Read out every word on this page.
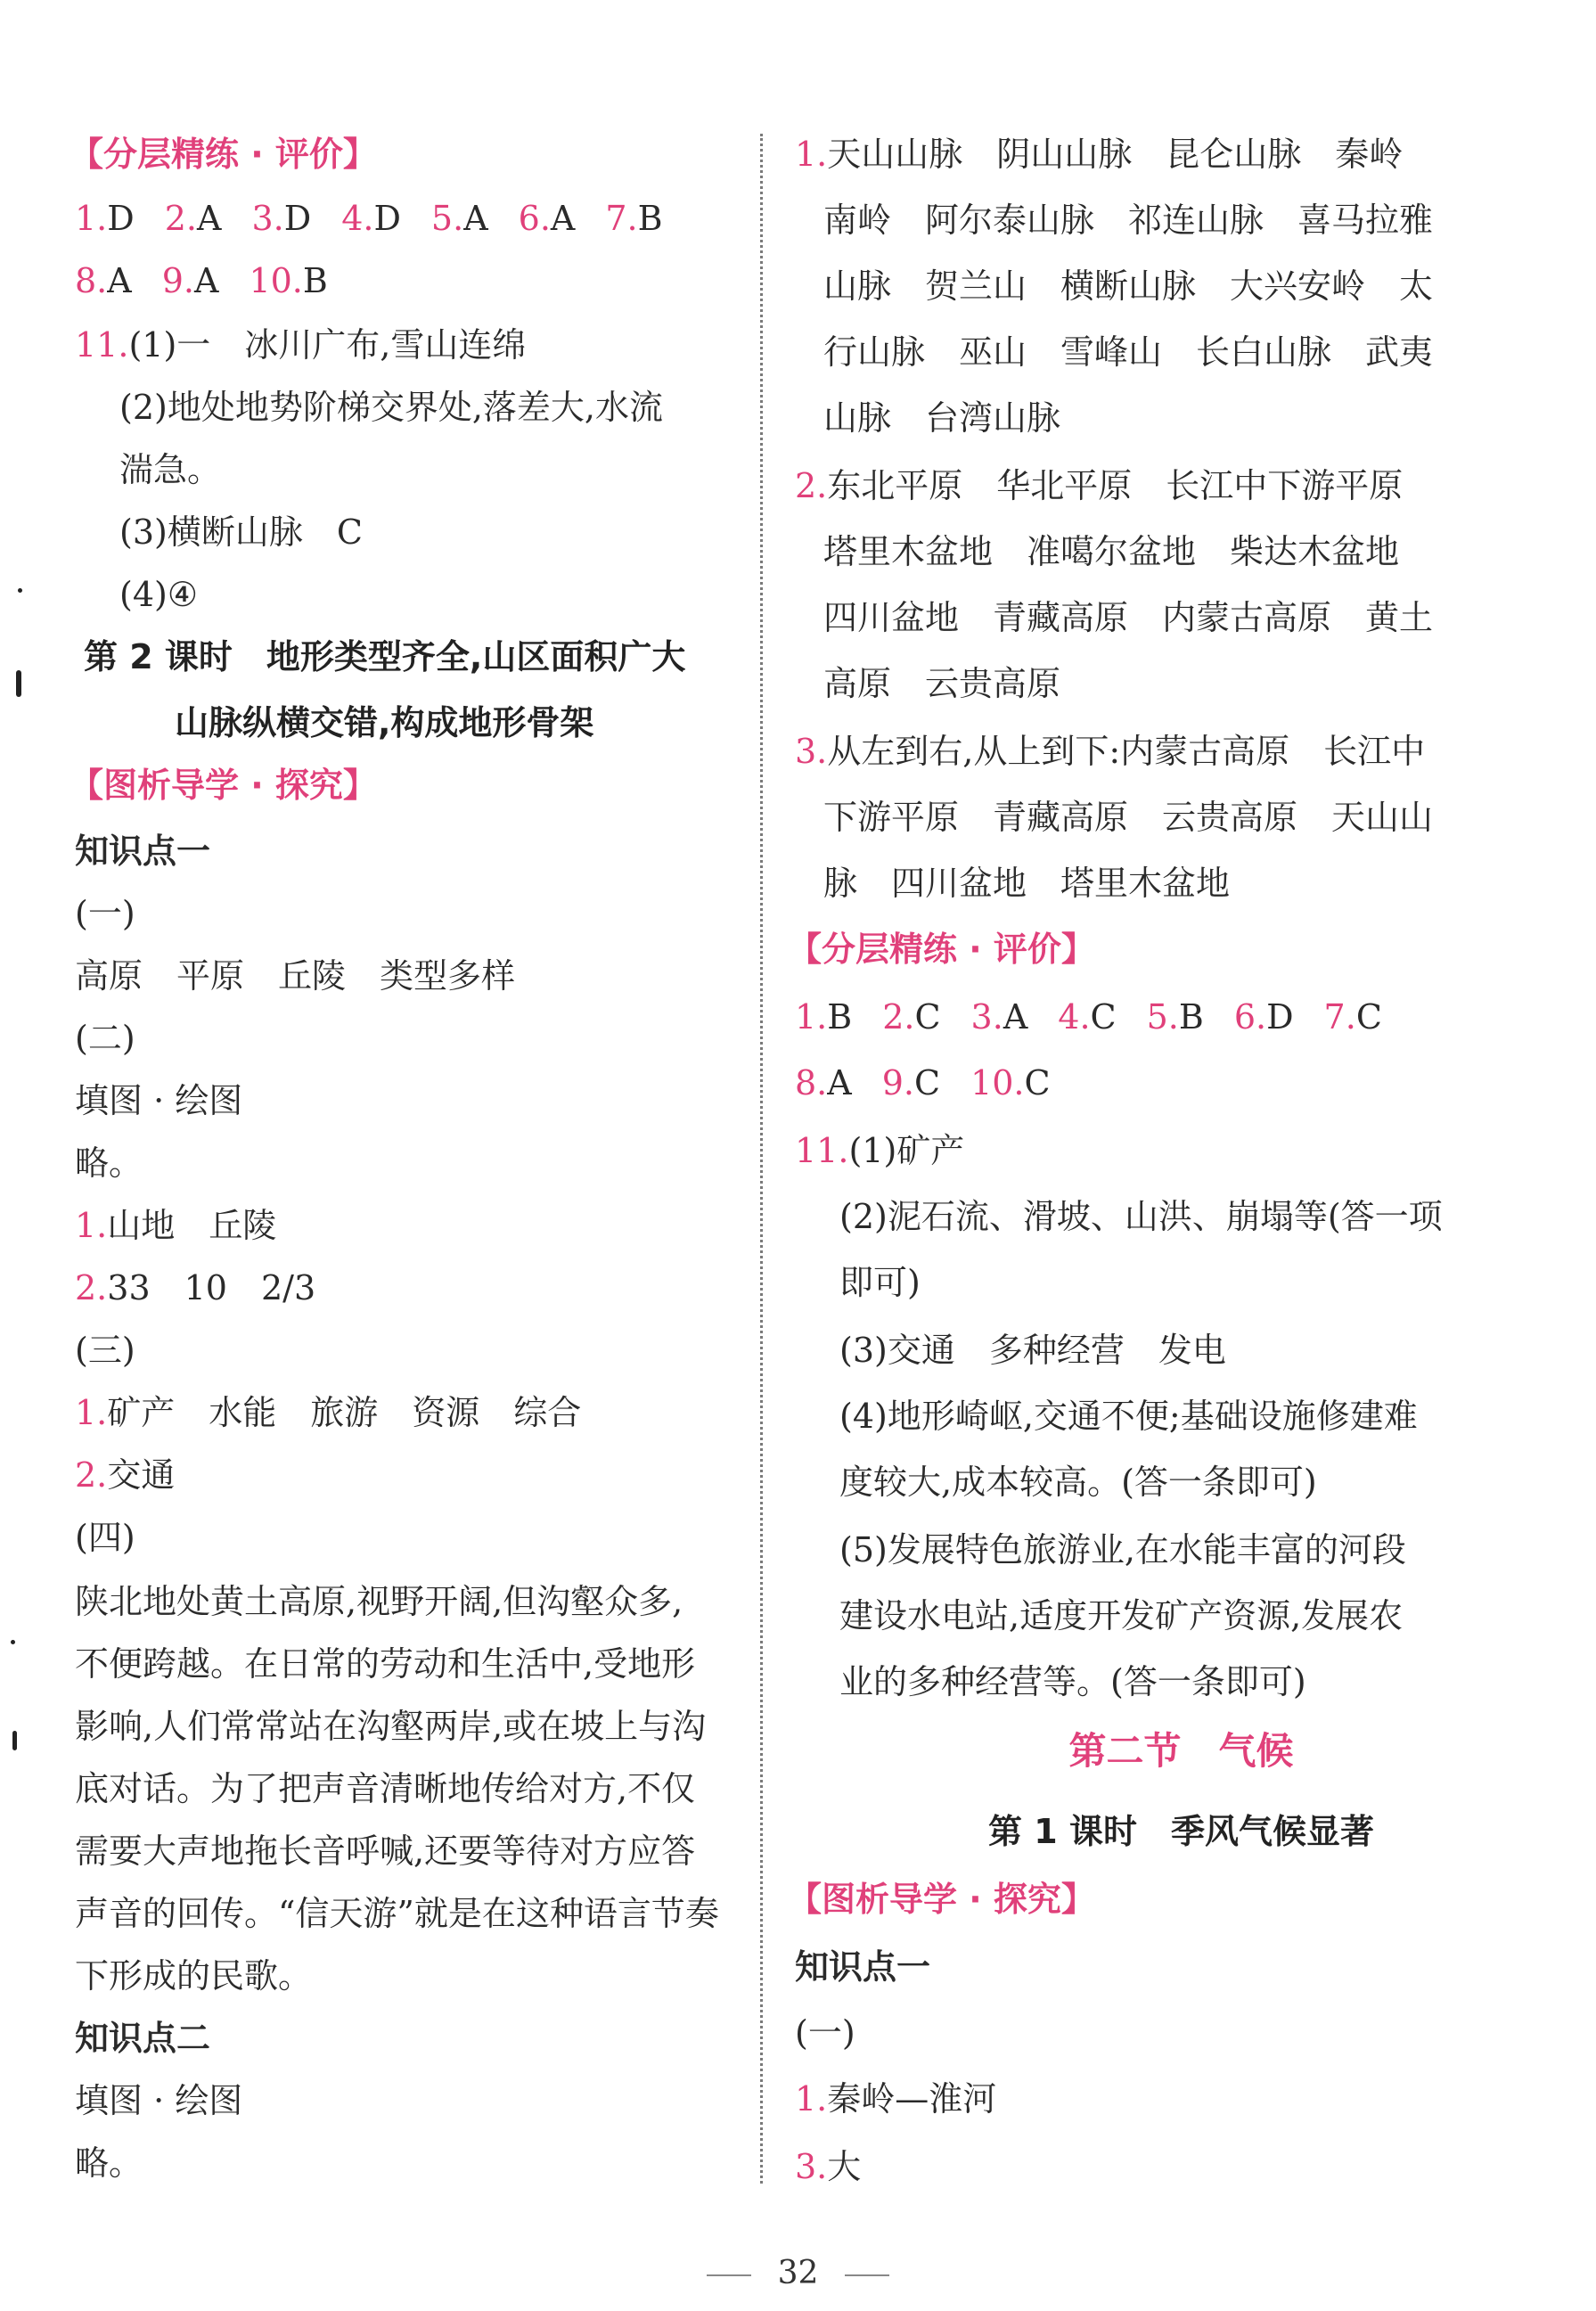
【分层精练 · 评价】
1.D 2.A 3.D 4.D 5.A 6.A 7.B
8.A 9.A 10.B
11.(1)一　冰川广布,雪山连绵
(2)地处地势阶梯交界处,落差大,水流
湍急。
(3)横断山脉　C
(4)④
第 2 课时　地形类型齐全,山区面积广大
山脉纵横交错,构成地形骨架
【图析导学 · 探究】
知识点一
(一)
高原　平原　丘陵　类型多样
(二)
填图 · 绘图
略。
1.山地　丘陵
2.33　10　2/3
(三)
1.矿产　水能　旅游　资源　综合
2.交通
(四)
陕北地处黄土高原,视野开阔,但沟壑众多,
不便跨越。在日常的劳动和生活中,受地形
影响,人们常常站在沟壑两岸,或在坡上与沟
底对话。为了把声音清晰地传给对方,不仅
需要大声地拖长音呼喊,还要等待对方应答
声音的回传。“信天游”就是在这种语言节奏
下形成的民歌。
知识点二
填图 · 绘图
略。
1.天山山脉　阴山山脉　昆仑山脉　秦岭
南岭　阿尔泰山脉　祁连山脉　喜马拉雅
山脉　贺兰山　横断山脉　大兴安岭　太
行山脉　巫山　雪峰山　长白山脉　武夷
山脉　台湾山脉
2.东北平原　华北平原　长江中下游平原
塔里木盆地　准噶尔盆地　柴达木盆地
四川盆地　青藏高原　内蒙古高原　黄土
高原　云贵高原
3.从左到右,从上到下:内蒙古高原　长江中
下游平原　青藏高原　云贵高原　天山山
脉　四川盆地　塔里木盆地
【分层精练 · 评价】
1.B 2.C 3.A 4.C 5.B 6.D 7.C
8.A 9.C 10.C
11.(1)矿产
(2)泥石流、滑坡、山洪、崩塌等(答一项
即可)
(3)交通　多种经营　发电
(4)地形崎岖,交通不便;基础设施修建难
度较大,成本较高。(答一条即可)
(5)发展特色旅游业,在水能丰富的河段
建设水电站,适度开发矿产资源,发展农
业的多种经营等。(答一条即可)
第二节　气候
第 1 课时　季风气候显著
【图析导学 · 探究】
知识点一
(一)
1.秦岭—淮河
3.大
32
